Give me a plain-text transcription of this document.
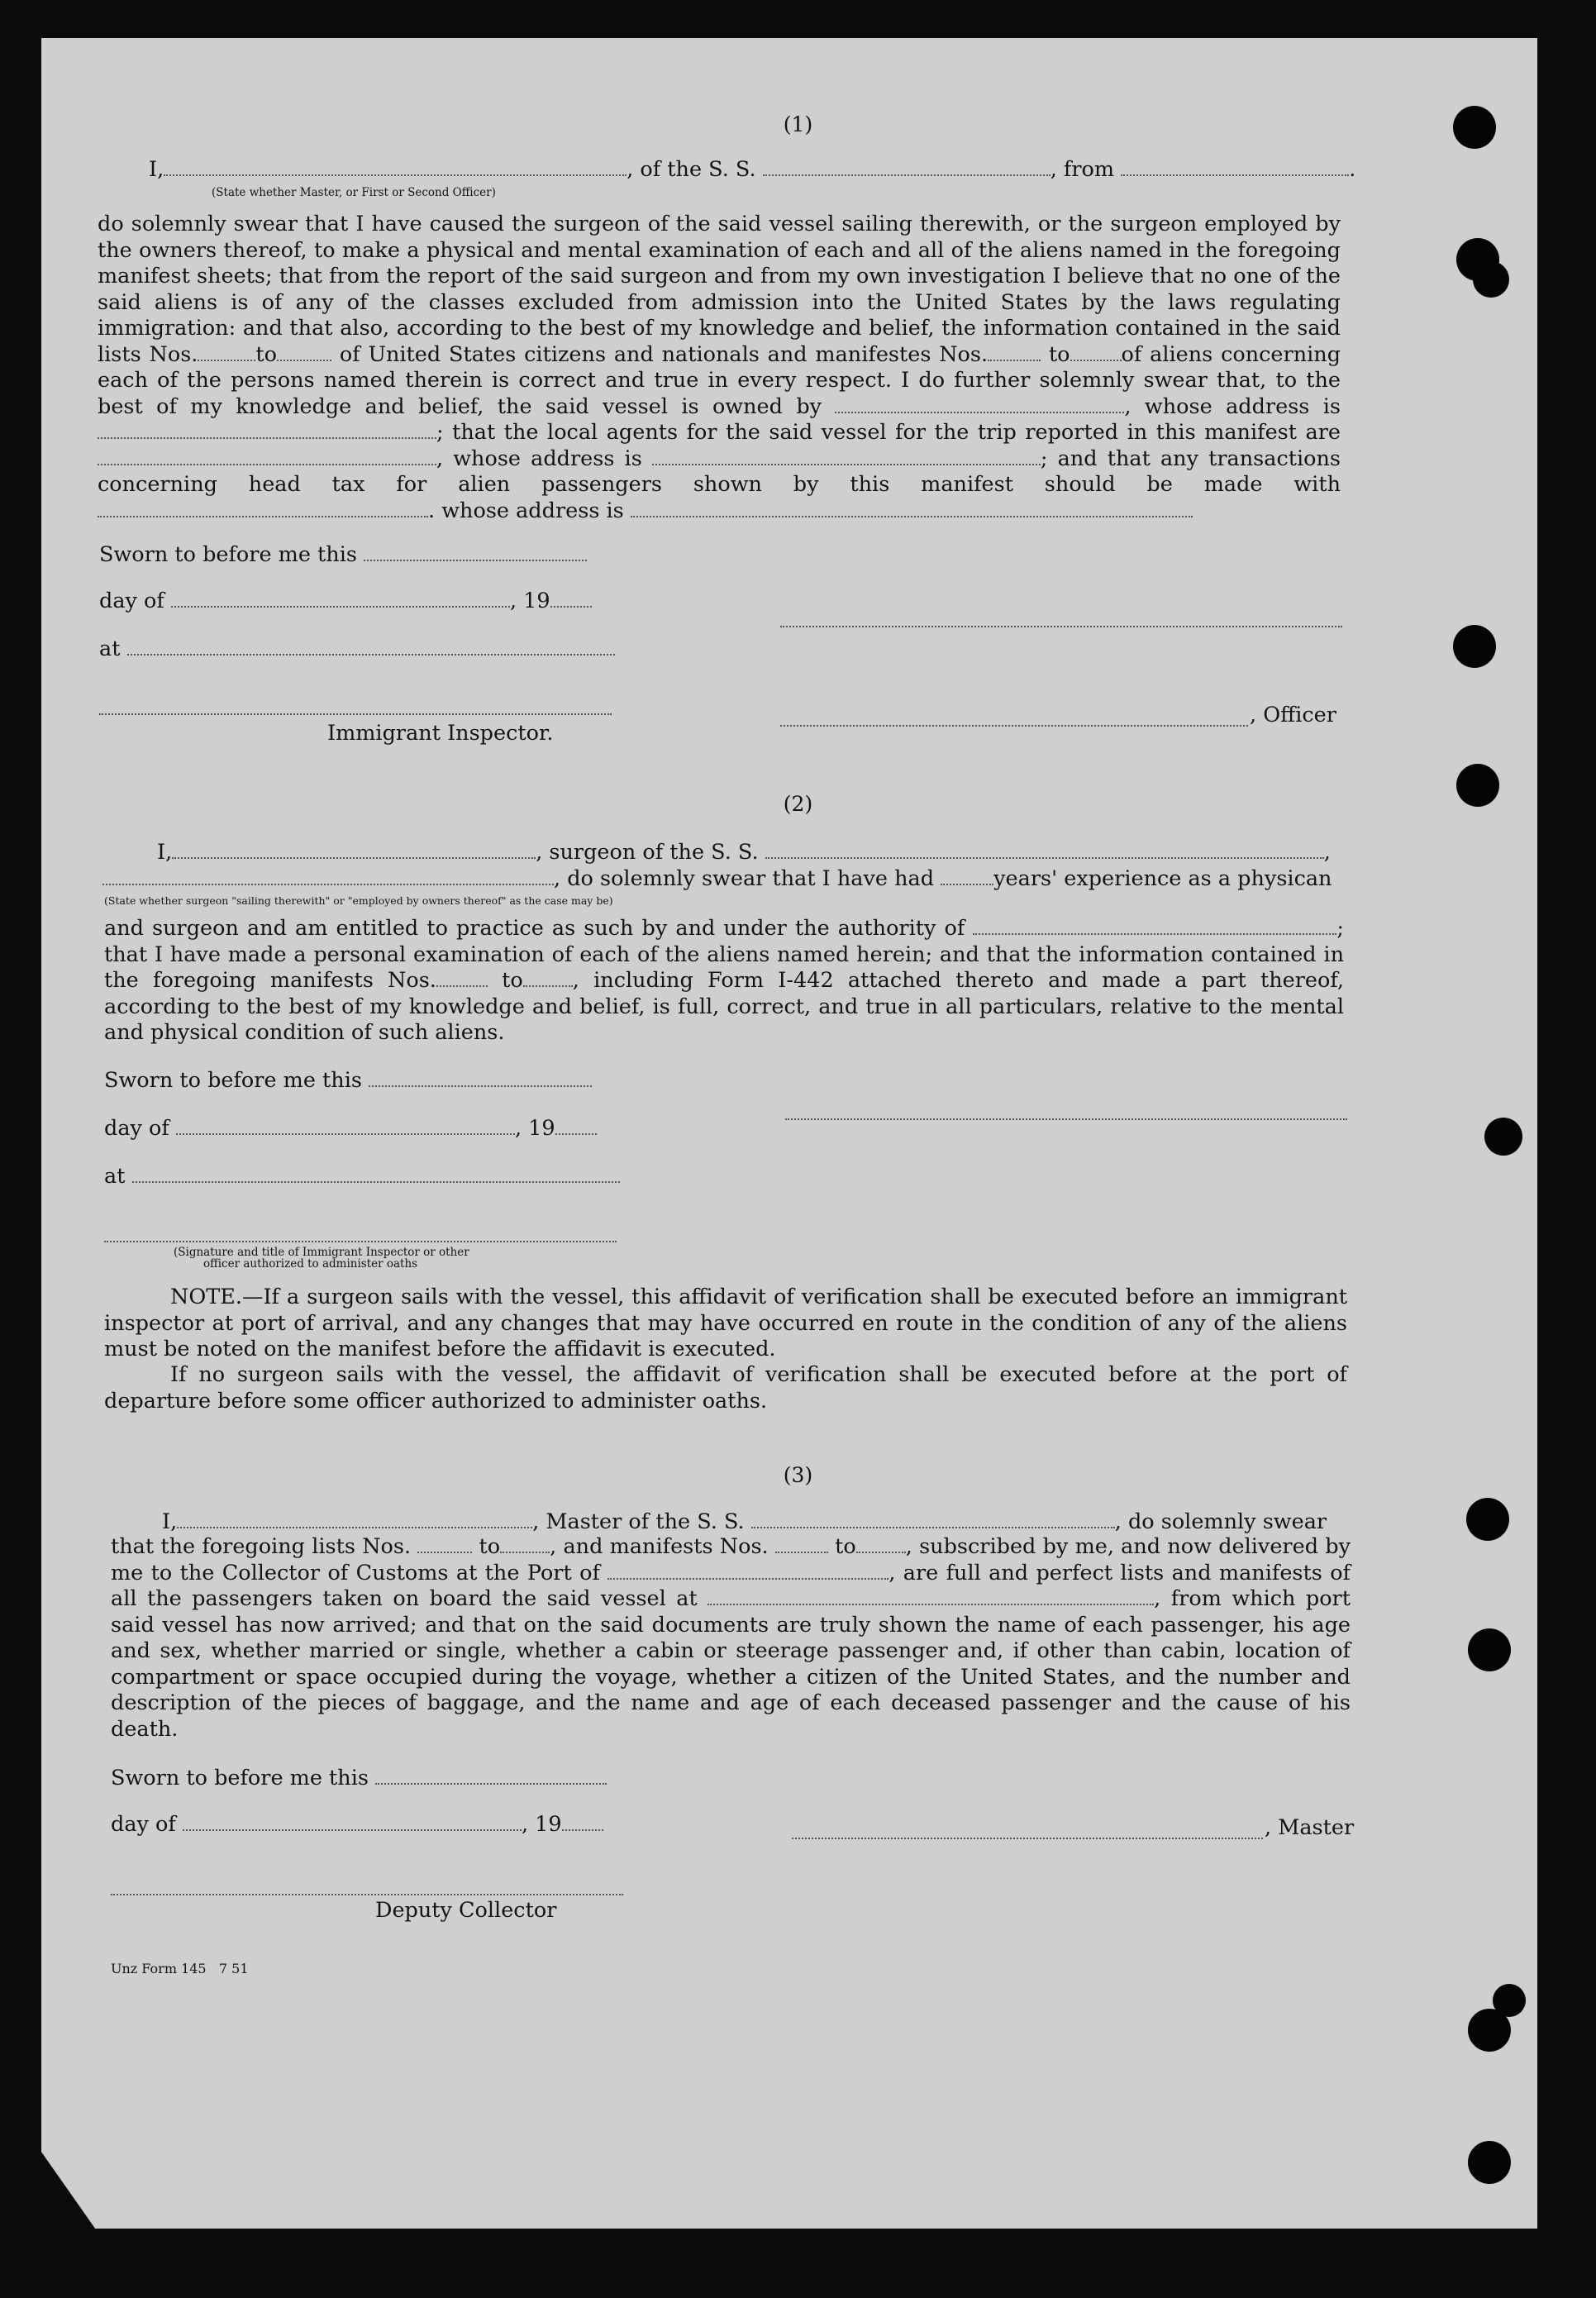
(1)
I,	, of the S. S.	, from	.
(State whether Master, or First or Second Officer)

do solemnly swear that I have caused the surgeon of the said vessel sailing therewith, or the surgeon employed by the owners thereof, to make a physical and mental examination of each and all of the aliens named in the foregoing manifest sheets; that from the report of the said surgeon and from my own investigation I believe that no one of the said aliens is of any of the classes excluded from admission into the United States by the laws regulating immigration: and that also, according to the best of my knowledge and belief, the information contained in the said lists Nos.	to	of United States citizens and nationals and manifestes Nos.	to of aliens concerning each of the persons named therein is correct and true in every respect. I do further solemnly swear that, to the best of my knowledge and belief, the said vessel is owned by	, whose address is ; that the local agents for the said vessel for the trip reported in this manifest are , whose address is	; and that any transactions concerning head tax for alien passengers shown by this manifest should be made with . whose address is

Sworn to before me this
day of	, 19
at
, Officer
Immigrant Inspector.
(2)
I,	, surgeon of the S. S.	,
, do solemnly swear that I have had	years' experience as a physican
(State whether surgeon "sailing therewith" or "employed by owners thereof" as the case may be)

and surgeon and am entitled to practice as such by and under the authority of	; that I have made a personal examination of each of the aliens named herein; and that the information contained in the foregoing manifests Nos.	to , including Form I-442 attached thereto and made a part thereof, according to the best of my knowledge and belief, is full, correct, and true in all particulars, relative to the mental and physical condition of such aliens.

Sworn to before me this
day of	, 19
at
(Signature and title of Immigrant Inspector or other
officer authorized to administer oaths

NOTE.—If a surgeon sails with the vessel, this affidavit of verification shall be executed before an immigrant inspector at port of arrival, and any changes that may have occurred en route in the condition of any of the aliens must be noted on the manifest before the affidavit is executed.

If no surgeon sails with the vessel, the affidavit of verification shall be executed before at the port of departure before some officer authorized to administer oaths.

(3)
I,	, Master of the S. S.	, do solemnly swear

that the foregoing lists Nos.	to , and manifests Nos.	to , subscribed by me, and now delivered by me to the Collector of Customs at the Port of	, are full and perfect lists and manifests of all the passengers taken on board the said vessel at	, from which port said vessel has now arrived; and that on the said documents are truly shown the name of each passenger, his age and sex, whether married or single, whether a cabin or steerage passenger and, if other than cabin, location of compartment or space occupied during the voyage, whether a citizen of the United States, and the number and description of the pieces of baggage, and the name and age of each deceased passenger and the cause of his death.

Sworn to before me this
day of	, 19	, Master
Deputy Collector
Unz Form 145   7 51
